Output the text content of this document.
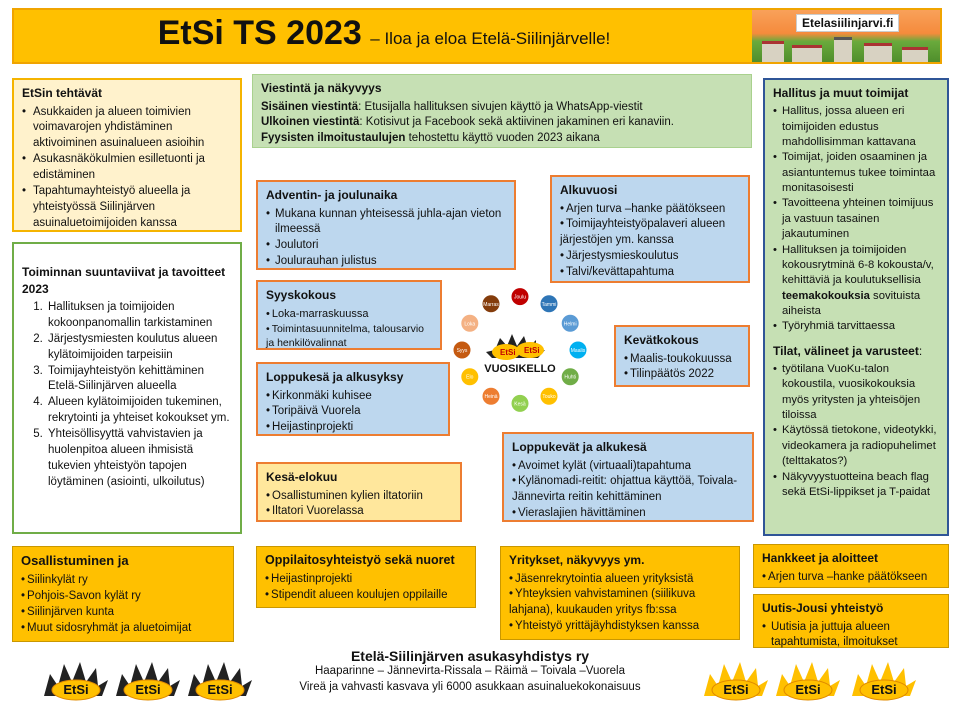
EtSi TS 2023 – Iloa ja eloa Etelä-Siilinjärvelle!
Etelasiilinjarvi.fi
EtSin tehtävät
• Asukkaiden ja alueen toimivien voimavarojen yhdistäminen aktivoiminen asuinalueen asioihin
• Asukasnäkökulmien esilletuonti ja edistäminen
• Tapahtumayhteistyö alueella ja yhteistyössä Siilinjärven asuinaluetoimijoiden kanssa
Toiminnan suuntaviivat ja tavoitteet 2023
1. Hallituksen ja toimijoiden kokoonpanomallin tarkistaminen
2. Järjestysmiesten koulutus alueen kylätoimijoiden tarpeisiin
3. Toimijayhteistyön kehittäminen Etelä-Siilinjärven alueella
4. Alueen kylätoimijoiden tukeminen, rekrytointi ja yhteiset kokoukset ym.
5. Yhteisöllisyyttä vahvistavien ja huolenpitoa alueen ihmisistä tukevien yhteistyön tapojen löytäminen (asiointi, ulkoilutus)
Viestintä ja näkyvyys
Sisäinen viestintä: Etusijalla hallituksen sivujen käyttö ja WhatsApp-viestit
Ulkoinen viestintä: Kotisivut ja Facebook sekä aktiivinen jakaminen eri kanaviin.
Fyysisten ilmoitustaulujen tehostettu käyttö vuoden 2023 aikana
Hallitus ja muut toimijat
• Hallitus, jossa alueen eri toimijoiden edustus mahdollisimman kattavana
• Toimijat, joiden osaaminen ja asiantuntemus tukee toimintaa monitasoisesti
• Tavoitteena yhteinen toimijuus ja vastuun tasainen jakautuminen
• Hallituksen ja toimijoiden kokousrytminä 6-8 kokousta/v, kehittäviä ja koulutuksellisia teemakokouksia sovituista aiheista
• Työryhmiä tarvittaessa
Tilat, välineet ja varusteet:
• työtilana VuoKu-talon kokoustila, vuosikokouksia myös yritysten ja yhteisöjen tiloissa
• Käytössä tietokone, videotykki, videokamera ja radiopuhelimet (telttakatos?)
• Näkyvyystuotteina beach flag sekä EtSi-lippikset ja T-paidat
Adventin- ja joulunaika
• Mukana kunnan yhteisessä juhla-ajan vieton ilmeessä
• Joulutori
• Joulurauhan julistus
Alkuvuosi
• Arjen turva –hanke päätökseen
• Toimijayhteistyöpalaveri alueen järjestöjen ym. kanssa
• Järjestysmieskoulutus
• Talvi/kevättapahtuma
Syyskokous
• Loka-marraskuussa
• Toimintasuunnitelma, talousarvio ja henkilövalinnat	Kevätkokous
• Maalis-toukokuussa
• Tilinpäätös 2022
Loppukesä ja alkusyksy
• Kirkonmäki kuhisee
• Toripäivä Vuorela
• Heijastinprojekti
Kesä-elokuu
• Osallistuminen kylien iltatoriin
• Iltatori Vuorelassa
Loppukevät ja alkukesä
• Avoimet kylät (virtuaali)tapahtuma
• Kylänomadi-reitit: ohjattua käyttöä, Toivala-Jännevirta reitin kehittäminen
• Vieraslajien hävittäminen
Joulu
Tammi
Helmi
Maalis
Huhti
Touko
Kesä
Heinä
Elo
Syys
Loka
Marras
EtSi EtSi
VUOSIKELLO
Osallistuminen ja
• Siilinkylät ry
• Pohjois-Savon kylät ry
• Siilinjärven kunta
• Muut sidosryhmät ja aluetoimijat
Oppilaitosyhteistyö sekä nuoret
• Heijastinprojekti
• Stipendit alueen koulujen oppilaille
Yritykset, näkyvyys ym.
• Jäsenrekrytointia alueen yrityksistä
• Yhteyksien vahvistaminen (siilikuva lahjana), kuukauden yritys fb:ssa
• Yhteistyö yrittäjäyhdistyksen kanssa
Hankkeet ja aloitteet
• Arjen turva –hanke päätökseen
Uutis-Jousi yhteistyö
• Uutisia ja juttuja alueen tapahtumista, ilmoitukset
Etelä-Siilinjärven asukasyhdistys ry
Haaparinne – Jännevirta-Rissala – Räimä – Toivala –Vuorela
Vireä ja vahvasti kasvava yli 6000 asukkaan asuinaluekokonaisuus
EtSi	EtSi	EtSi	EtSi	EtSi	EtSi
